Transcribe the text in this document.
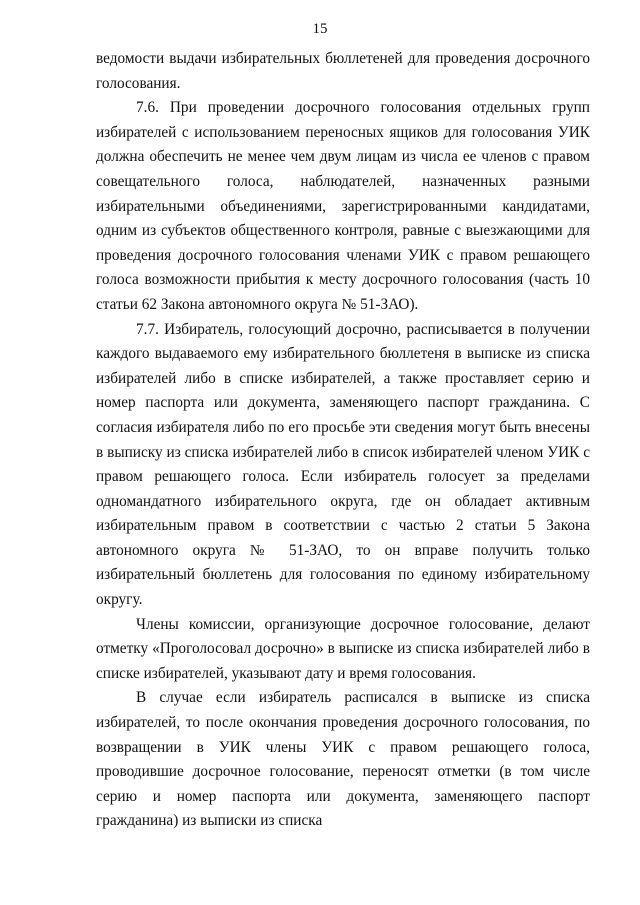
15

ведомости выдачи избирательных бюллетеней для проведения досрочного голосования.

7.6. При проведении досрочного голосования отдельных групп избирателей с использованием переносных ящиков для голосования УИК должна обеспечить не менее чем двум лицам из числа ее членов с правом совещательного голоса, наблюдателей, назначенных разными избирательными объединениями, зарегистрированными кандидатами, одним из субъектов общественного контроля, равные с выезжающими для проведения досрочного голосования членами УИК с правом решающего голоса возможности прибытия к месту досрочного голосования (часть 10 статьи 62 Закона автономного округа № 51-ЗАО).

7.7. Избиратель, голосующий досрочно, расписывается в получении каждого выдаваемого ему избирательного бюллетеня в выписке из списка избирателей либо в списке избирателей, а также проставляет серию и номер паспорта или документа, заменяющего паспорт гражданина. С согласия избирателя либо по его просьбе эти сведения могут быть внесены в выписку из списка избирателей либо в список избирателей членом УИК с правом решающего голоса. Если избиратель голосует за пределами одномандатного избирательного округа, где он обладает активным избирательным правом в соответствии с частью 2 статьи 5 Закона автономного округа № 51-ЗАО, то он вправе получить только избирательный бюллетень для голосования по единому избирательному округу.

Члены комиссии, организующие досрочное голосование, делают отметку «Проголосовал досрочно» в выписке из списка избирателей либо в списке избирателей, указывают дату и время голосования.

В случае если избиратель расписался в выписке из списка избирателей, то после окончания проведения досрочного голосования, по возвращении в УИК члены УИК с правом решающего голоса, проводившие досрочное голосование, переносят отметки (в том числе серию и номер паспорта или документа, заменяющего паспорт гражданина) из выписки из списка
